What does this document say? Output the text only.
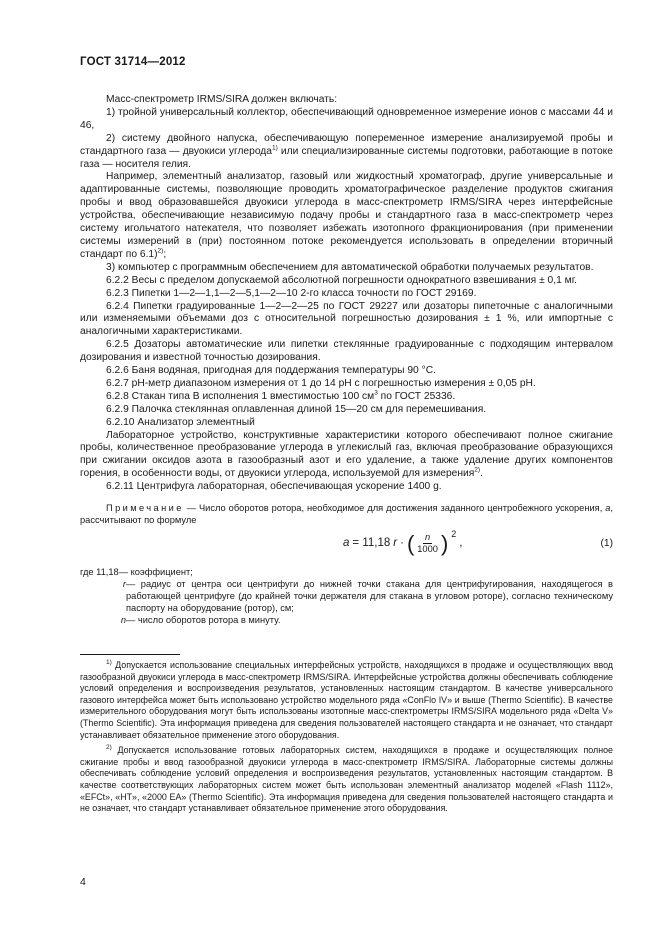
ГОСТ 31714—2012

Масс-спектрометр IRMS/SIRA должен включать:

1) тройной универсальный коллектор, обеспечивающий одновременное измерение ионов с массами 44 и 46,

2) систему двойного напуска, обеспечивающую попеременное измерение анализируемой пробы и стандартного газа — двуокиси углерода$^{1)}$ или специализированные системы подготовки, работающие в потоке газа — носителя гелия.

Например, элементный анализатор, газовый или жидкостный хроматограф, другие универсальные и адаптированные системы, позволяющие проводить хроматографическое разделение продуктов сжигания пробы и ввод образовавшейся двуокиси углерода в масс-спектрометр IRMS/SIRA через интерфейсные устройства, обеспечивающие независимую подачу пробы и стандартного газа в масс-спектрометр через систему игольчатого натекателя, что позволяет избежать изотопного фракционирования (при применении системы измерений в (при) постоянном потоке рекомендуется использовать в определении вторичный стандарт по 6.1)$^{2)}$;

3) компьютер с программным обеспечением для автоматической обработки получаемых результатов.

6.2.2 Весы с пределом допускаемой абсолютной погрешности однократного взвешивания ± 0,1 мг.

6.2.3 Пипетки 1—2—1,1—2—5,1—2—10 2-го класса точности по ГОСТ 29169.

6.2.4 Пипетки градуированные 1—2—2—25 по ГОСТ 29227 или дозаторы пипеточные с аналогичными или изменяемыми объемами доз с относительной погрешностью дозирования ± 1 %, или импортные с аналогичными характеристиками.

6.2.5 Дозаторы автоматические или пипетки стеклянные градуированные с подходящим интервалом дозирования и известной точностью дозирования.

6.2.6 Баня водяная, пригодная для поддержания температуры 90 °С.

6.2.7 pH-метр диапазоном измерения от 1 до 14 pH с погрешностью измерения ± 0,05 pH.

6.2.8 Стакан типа В исполнения 1 вместимостью 100 $см^3$ по ГОСТ 25336.

6.2.9 Палочка стеклянная оплавленная длиной 15—20 см для перемешивания.

6.2.10 Анализатор элементный

Лабораторное устройство, конструктивные характеристики которого обеспечивают полное сжигание пробы, количественное преобразование углерода в углекислый газ, включая преобразование образующихся при сжигании оксидов азота в газообразный азот и его удаление, а также удаление других компонентов горения, в особенности воды, от двуокиси углерода, используемой для измерения$^{2)}$.

6.2.11 Центрифуга лабораторная, обеспечивающая ускорение 1400 g.

Примечание — Число оборотов ротора, необходимое для достижения заданного центробежного ускорения, a, рассчитывают по формуле

a = 11,18 r · ( $\frac{n}{1000}$ ) $^2$
,	(1)
где 11,18 — коэффициент;
r — радиус от центра оси центрифуги до нижней точки стакана для центрифугирования, находящегося в работающей центрифуге (до крайней точки держателя для стакана в угловом роторе), согласно техническому паспорту на оборудование (ротор), см;
n — число оборотов ротора в минуту.

$^{1)}$ Допускается использование специальных интерфейсных устройств, находящихся в продаже и осуществляющих ввод газообразной двуокиси углерода в масс-спектрометр IRMS/SIRA. Интерфейсные устройства должны обеспечивать соблюдение условий определения и воспроизведения результатов, установленных настоящим стандартом. В качестве универсального газового интерфейса может быть использовано устройство модельного ряда «ConFlo IV» и выше (Thermo Scientific). В качестве измерительного оборудования могут быть использованы изотопные масс-спектрометры IRMS/SIRA модельного ряда «Delta V» (Thermo Scientific). Эта информация приведена для сведения пользователей настоящего стандарта и не означает, что стандарт устанавливает обязательное применение этого оборудования.

$^{2)}$ Допускается использование готовых лабораторных систем, находящихся в продаже и осуществляющих полное сжигание пробы и ввод газообразной двуокиси углерода в масс-спектрометр IRMS/SIRA. Лабораторные системы должны обеспечивать соблюдение условий определения и воспроизведения результатов, установленных настоящим стандартом. В качестве соответствующих лабораторных систем может быть использован элементный анализатор моделей «Flash 1112», «EFCt», «HT», «2000 EA» (Thermo Scientific). Эта информация приведена для сведения пользователей настоящего стандарта и не означает, что стандарт устанавливает обязательное применение этого оборудования.

4
